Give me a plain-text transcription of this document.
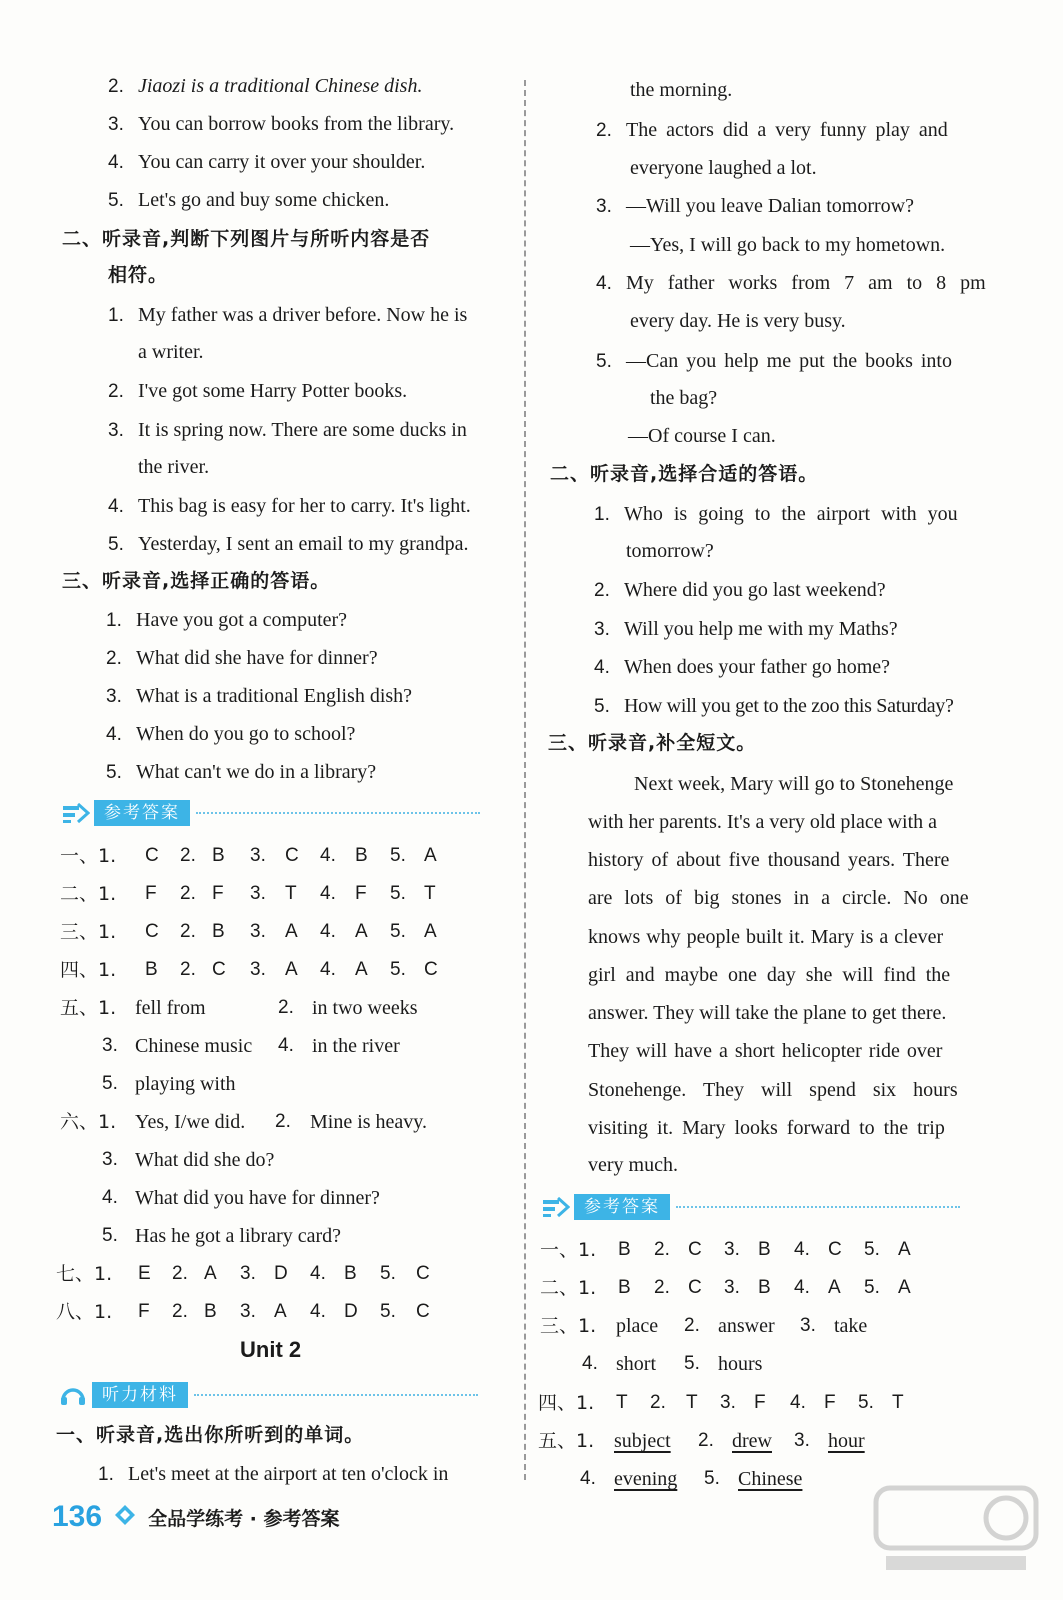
2. Jiaozi is a traditional Chinese dish.
3. You can borrow books from the library.
4. You can carry it over your shoulder.
5. Let's go and buy some chicken.
二、听录音,判断下列图片与所听内容是否
相符。
1. My father was a driver before. Now he is
a writer.
2. I've got some Harry Potter books.
3. It is spring now. There are some ducks in
the river.
4. This bag is easy for her to carry. It's light.
5. Yesterday, I sent an email to my grandpa.
三、听录音,选择正确的答语。
1. Have you got a computer?
2. What did she have for dinner?
3. What is a traditional English dish?
4. When do you go to school?
5. What can't we do in a library?
参考答案
一、1. C 2. B 3. C 4. B 5. A
二、1. F 2. F 3. T 4. F 5. T
三、1. C 2. B 3. A 4. A 5. A
四、1. B 2. C 3. A 4. A 5. C
五、1. fell from	2. in two weeks
3. Chinese music 4. in the river
5. playing with
六、1. Yes, I/we did. 2. Mine is heavy.
3. What did she do?
4. What did you have for dinner?
5. Has he got a library card?
七、1. E 2. A 3. D 4. B 5. C
八、1. F 2. B 3. A 4. D 5. C
Unit 2
听力材料
一、听录音,选出你所听到的单词。
1. Let's meet at the airport at ten o'clock in
the morning.
2. The actors did a very funny play and
everyone laughed a lot.
3. —Will you leave Dalian tomorrow?
—Yes, I will go back to my hometown.
4. My father works from 7 am to 8 pm
every day. He is very busy.
5. —Can you help me put the books into
the bag?
—Of course I can.
二、听录音,选择合适的答语。
1. Who is going to the airport with you
tomorrow?
2. Where did you go last weekend?
3. Will you help me with my Maths?
4. When does your father go home?
5. How will you get to the zoo this Saturday?
三、听录音,补全短文。
Next week, Mary will go to Stonehenge
with her parents. It's a very old place with a
history of about five thousand years. There
are lots of big stones in a circle. No one
knows why people built it. Mary is a clever
girl and maybe one day she will find the
answer. They will take the plane to get there.
They will have a short helicopter ride over
Stonehenge. They will spend six hours
visiting it. Mary looks forward to the trip
very much.
参考答案
一、1. B 2. C 3. B 4. C 5. A
二、1. B 2. C 3. B 4. A 5. A
三、1. place 2. answer 3. take
4. short 5. hours
四、1. T 2. T 3. F 4. F 5. T
五、1. subject 2. drew 3. hour
4. evening 5. Chinese
136 全品学练考 · 参考答案
